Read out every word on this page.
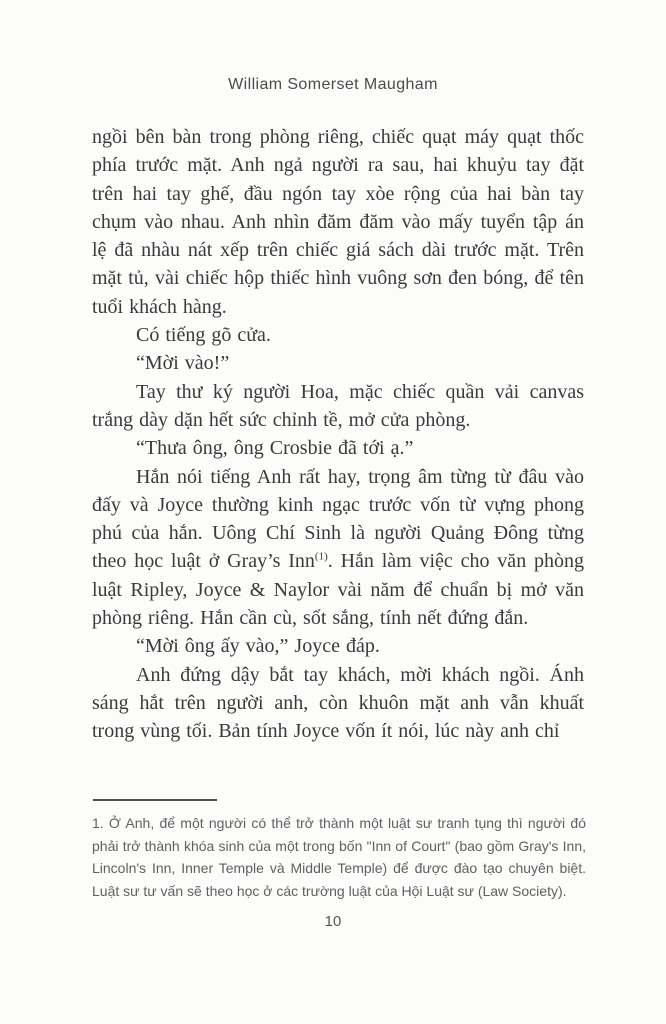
William Somerset Maugham

ngồi bên bàn trong phòng riêng, chiếc quạt máy quạt thốc phía trước mặt. Anh ngả người ra sau, hai khuỷu tay đặt trên hai tay ghế, đầu ngón tay xòe rộng của hai bàn tay chụm vào nhau. Anh nhìn đăm đăm vào mấy tuyển tập án lệ đã nhàu nát xếp trên chiếc giá sách dài trước mặt. Trên mặt tủ, vài chiếc hộp thiếc hình vuông sơn đen bóng, để tên tuổi khách hàng.

Có tiếng gõ cửa.

“Mời vào!”

Tay thư ký người Hoa, mặc chiếc quần vải canvas trắng dày dặn hết sức chỉnh tề, mở cửa phòng.

“Thưa ông, ông Crosbie đã tới ạ.”

Hắn nói tiếng Anh rất hay, trọng âm từng từ đâu vào đấy và Joyce thường kinh ngạc trước vốn từ vựng phong phú của hắn. Uông Chí Sinh là người Quảng Đông từng theo học luật ở Gray’s Inn$^{(1)}$. Hắn làm việc cho văn phòng luật Ripley, Joyce & Naylor vài năm để chuẩn bị mở văn phòng riêng. Hắn cần cù, sốt sắng, tính nết đứng đắn.

“Mời ông ấy vào,” Joyce đáp.

Anh đứng dậy bắt tay khách, mời khách ngồi. Ánh sáng hắt trên người anh, còn khuôn mặt anh vẫn khuất trong vùng tối. Bản tính Joyce vốn ít nói, lúc này anh chỉ

1. Ở Anh, để một người có thể trở thành một luật sư tranh tụng thì người đó phải trở thành khóa sinh của một trong bốn "Inn of Court" (bao gồm Gray's Inn, Lincoln's Inn, Inner Temple và Middle Temple) để được đào tạo chuyên biệt. Luật sư tư vấn sẽ theo học ở các trường luật của Hội Luật sư (Law Society).
10
